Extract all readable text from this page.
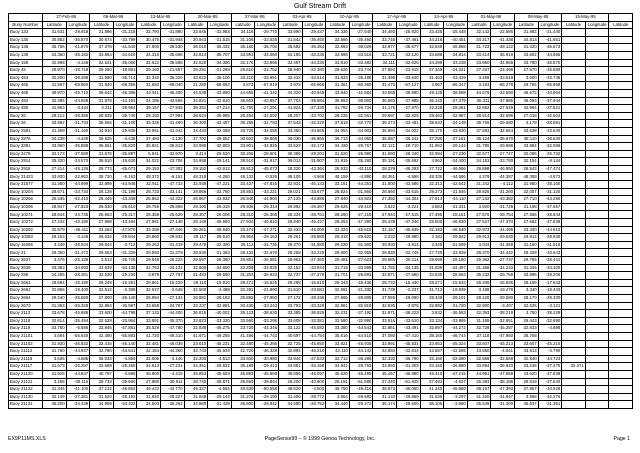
Gulf Stream Drift
	27-Feb-95		06-Mar-95		13-Mar-95		20-Mar-95		27-Mar-95		03-Apr-95		10-Apr-95		17-Apr-95		24-Apr-95		01-May-95		08-May-95		15-May-95		
Buoy Number	Latitude	Longitude	Latitude	Longitude	Latitude	Longitude	Latitude	Longitude	Latitude	Longitude	Latitude	Longitude	Latitude	Longitude	Latitude	Longitude	Latitude	Longitude	Latitude	Longitude	Latitude	Longitude	Latitude	Longitude	Latitude
Buoy 133	31.631	-29.918	31.896	-31.218	32.790	-31.890	33.945	-33.963	34.116	-29.770	33.990	-29.437	34.336	-27.540	34.460	-25.920	33.425	-25.448	32.142	-22.586	31.882	-21.440			
Buoy 135	30.852	-35.870	30.674	-33.799	30.475	-31.948	30.943	-31.515	31.108	-33.028	31.542	-35.460	33.566	-35.460	33.745	-37.461	34.216	-40.451	34.217	-41.438	34.813	-41.651			
Buoy 138	35.756	-41.870	37.376	-41.540	37.900	-39.530	36.015	-36.432	35.160	-35.792	35.682	-36.354	32.893	-38.029	32.977	-38.677	32.949	-36.868	31.722	-38.122	31.320	-35.673			
Buoy 139	34.360	-35.182	33.864	-34.620	34.316	-35.666	34.814	-35.707	33.991	-34.060	34.185	-32.235	33.998	-33.516	33.721	-33.120	33.688	-34.814	33.414	-35.919	33.602	-34.665			
Buoy 158	32.998	-4.146	32.541	-36.060	32.622	-35.588	32.620	-34.380	32.176	-33.895	32.497	-34.330	33.810	-33.482	34.111	-32.626	34.299	-33.238	33.960	-34.965	33.780	-35.570			
Buoy 45	29.970	-18.718	29.260	-19.891	29.160	-21.557	29.291	-21.268	29.610	-22.752	28.940	-22.380	28.626	-23.744	27.894	-23.915	27.349	-24.321	27.337	-24.496	27.570	-25.590			
Buoy 464	32.200	-39.289	31.590	-36.714	32.332	-36.320	33.622	-36.100	33.210	-33.981	32.432	-33.514	31.833	-35.188	31.496	-33.640	31.453	-33.429	3.455	-33.619	3.500	-33.746			
Buoy 465	31.587	-69.960	31.940	-69.355	31.693	-69.040	31.280	-68.884	3.873	-67.919	3.973	-65.966	31.381	-66.360	31.470	-67.127	3.967	-66.347	3.163	-65.278	29.765	-65.859			
Buoy 468	39.970	-46.710	39.642	-45.386	42.911	-46.400	44.538	-43.890	44.656	-41.342	44.320	-40.949	43.840	-41.684	43.566	-38.990	48.125	-38.588	44.576	-33.590	45.572	-33.964			
Buoy 484	32.395	-44.849	31.878	-44.163	34.186	-42.566	34.831	-42.810	36.603	-43.857	37.703	-39.684	35.993	-38.900	36.583	-37.988	36.140	-37.379	36.311	-37.885	36.093	-37.944			
Buoy 485	41.863	-3.434	4.211	-28.964	39.157	-27.945	38.251	-27.214	41.750	-27.291	41.824	-27.330	41.782	-26.734	41.175	-27.870	42.228	-28.461	42.652	-27.629	42.994	-27.521			
Buoy 26	29.212	-39.356	28.825	-39.740	28.150	-37.984	28.624	-35.985	28.464	-34.592	28.207	-33.702	28.226	-32.561	29.697	-32.829	29.462	-32.887	28.514	-32.698	27.018	-32.604			
Buoy 26	33.992	-31.733	36.565	-31.100	35.325	-31.460	36.300	-32.497	36.295	-32.793	37.543	-32.320	37.818	-32.770	38.274	-33.491	39.633	-34.148	39.769	-29.680	4.178	-28.591			
Buoy 2581	31.469	-31.160	34.910	-29.935	33.551	-31.342	34.434	-32.058	33.725	-34.058	33.360	-33.565	34.054	-34.903	36.994	-34.022	38.170	-33.630	37.593	-32.664	33.638	-33.640			
Buoy 2876	34.238	-4.430	35.525	-4.436	37.484	-1.130	37.702	-39.852	30.602	-38.868	36.030	-36.866	36.713	-34.950	35.587	-36.242	37.290	-37.161	38.124	-36.670	38.110	-36.630			
Buoy 3381	33.960	-36.888	36.561	-35.820	35.821	-35.813	33.990	-32.803	33.801	-34.826	33.523	-32.173	34.420	-29.767	32.121	-29.710	31.962	-29.144	31.795	-29.688	33.884	-32.086			
Buoy 3478	32.173	-37.580	31.675	-35.897	5.941	-32.970	3.414	-29.620	30.256	-28.601	30.389	-29.201	31.520	-26.990	31.690	-28.340	32.994	-27.230	32.677	-27.727	32.096	-25.732			
Buoy 2914	35.320	-24.570	35.910	-19.630	34.022	-23.706	34.958	-29.141	38.510	-31.917	39.013	-31.907	31.915	-35.280	35.191	-35.692	4.962	-34.400	34.153	-33.780	32.154	-8.134			
Buoy 2918	27.414	-45.126	28.773	-45.073	29.153	-47.302	29.152	-43.913	28.813	-45.073	28.320	-43.364	28.533	-43.110	28.229	-46.293	27.722	-46.596	28.898	-46.950	28.543	-47.474			
Buoy 31423	33.930	-22.862	38.720	-6.163	48.372	-6.151	48.318	-4.260	48.132	-0.526	48.105	-4.566	48.159	-4.890	48.361	-4.568	48.336	-44.586	4.379	-44.387	48.359	-4.572			
Buoy 31577	31.350	-44.999	32.899	-44.948	32.911	-47.733	32.939	-47.221	33.437	-47.816	32.931	-46.133	33.161	-44.351	31.800	-43.586	32.312	-42.642	31.342	-4.112	31.950	-38.150			
Buoy 10204	28.671	-33.734	28.128	-31.198	28.733	-33.141	28.866	-32.760	28.853	-33.221	29.021	-33.677	28.824	-31.560	28.660	-33.615	29.273	-31.846	29.826	-31.260	32.007	-31.120			
Buoy 10266	26.335	-42.410	26.445	-43.339	26.852	-44.322	26.967	-43.932	26.946	-44.900	27.129	-43.886	27.840	-43.923	27.392	-44.304	27.514	-44.110	27.232	-43.382	27.710	-43.290			
Buoy 10295	28.947	-27.823	29.830	-28.610	28.756	-28.858	29.100	-29.319	29.936	-29.314	29.892	-29.367	29.625	-29.410	3.622	-3.221	3.882	-31.331	3.920	-31.725	31.198	-37.657			
Buoy 10271	28.644	-24.735	28.663	-25.317	28.368	-25.626	28.307	-26.006	28.310	-26.368	28.334	-26.761	28.260	-27.218	27.944	-27.515	27.495	-28.161	27.675	-28.754	27.565	-28.843			
Buoy 10272	27.232	-43.180	27.998	-43.484	27.981	-27.148	28.148	-46.650	27.934	-46.810	28.840	-46.427	28.263	-47.390	28.438	-47.346	28.600	-46.920	27.527	-47.370	27.662	-47.838			
Buoy 10282	32.579	-46.411	33.283	-47.870	33.259	-47.446	36.261	-48.640	33.474	-47.271	32.433	-46.009	32.324	-45.615	32.157	-45.839	32.182	-46.540	32.972	-44.495	33.330	-44.610			
Buoy 10283	28.163	-3.148	28.632	-29.844	28.860	-28.932	29.117	-29.510	28.904	-29.163	29.261	-29.880	29.318	-29.620	3.232	-29.880	3.181	-29.842	29.913	-29.530	29.812	-29.930			
Buoy 16286	3.249	-28.934	29.844	-3.712	29.263	-31.419	29.478	-32.300	29.112	-31.735	29.370	-31.580	29.220	-31.500	29.930	-3.814	3.345	-31.599	3.043	-31.369	31.160	-31.518			
Buoy 21	29.350	-31.472	29.553	-31.329	29.593	-31.379	28.930	-31.393	28.133	-32.670	28.268	-33.229	29.600	-32.955	29.830	-32.745	27.730	-33.828	28.370	-34.442	28.428	-33.943			
Buoy 2637	3.476	-25.139	3.513	-25.726	29.648	-26.223	29.597	-26.360	29.851	-26.581	29.962	-27.360	29.481	-27.623	29.685	-28.114	29.699	-28.180	29.362	-27.737	29.755	-28.441			
Buoy 2639	33.383	-34.693	33.629	-34.138	32.763	-34.131	32.669	-34.650	32.209	-34.925	32.162	-33.944	31.719	-33.598	31.782	-34.135	31.939	-34.497	31.368	-34.233	31.345	-34.100			
Buoy 296	34.255	-28.281	32.530	-29.230	3.879	-27.767	31.483	-28.580	31.263	-26.923	32.737	-27.276	31.701	-29.693	32.871	-27.690	34.530	-28.663	36.232	-29.759	33.896	-29.206			
Buoy 2661	29.694	-15.190	29.249	-15.291	28.861	-15.220	29.110	-15.810	29.471	-15.525	29.288	-15.610	29.343	-15.436	28.733	-15.430	28.271	-15.533	28.206	-16.935	28.189	-17.643			
Buoy 2662	32.866	-19.400	32.512	-2.395	32.637	-2.648	32.500	-2.488	32.281	-21.990	31.510	-23.581	32.591	-21.330	31.739	-2.237	31.713	-19.939	3.188	-19.478	3.340	-19.443			
Buoy 2664	29.240	-25.660	27.800	-26.140	26.994	-27.134	26.881	-28.153	26.852	-27.950	27.172	-28.436	27.695	-28.605	27.955	-29.090	28.349	-29.101	28.120	-29.580	28.170	-29.330			
Buoy 2673	31.353	-36.328	32.894	-36.587	33.668	-34.797	33.237	-32.881	33.436	-33.243	33.793	-33.329	32.981	-32.819	32.535	-3.875	32.892	-31.720	32.900	-3.407	32.526	-3.121			
Buoy 2112	33.678	-46.888	33.600	-44.798	37.133	-44.400	36.815	-40.002	35.123	-38.630	33.385	-36.829	32.231	-37.190	31.971	-38.223	3.632	-36.563	32.393	-38.219	3.750	-38.229			
Buoy 2118	32.614	-35.494	32.528	-33.964	33.591	-35.370	33.823	-33.330	33.560	-33.295	33.608	-33.381	33.580	-32.990	33.916	-33.610	33.134	-33.869	31.165	-32.651	29.443	-32.690			
Buoy 2119	33.760	-5.586	33.846	-47.851	35.529	-47.780	32.838	-46.275	33.720	-44.346	33.122	-45.582	33.380	-44.543	32.861	-43.491	32.897	-44.272	32.728	-45.287	32.833	-4.898			
Buoy 21101	4.564	-55.640	42.480	-55.883	41.720	-49.310	41.671	-49.255	41.486	-44.743	40.697	-44.754	35.616	-44.510	37.080	-47.410	38.160	-46.744	37.118	-47.960	36.758				
Buoy 21102	31.930	-46.832	32.416	-46.140	32.481	-46.036	33.610	-45.231	32.480	-45.356	32.725	-45.850	33.821	-45.935	33.991	-45.831	33.652	-45.324	33.607	-45.213	33.607	-45.210			
Buoy 21112	31.780	-44.937	42.780	-43.541	42.184	-44.360	42.743	-45.929	42.720	-46.328	42.894	-46.210	43.110	-44.142	42.850	-42.814	43.587	-42.565	43.850	-4.041	43.613	-4.790			
Buoy 21116	3.636	-4.685	35.033	-4.850	32.005	-4.146	32.200	-4.513	33.600	-30.980	33.944	-37.633	32.712	-36.286	32.330	-36.790	32.160	-32.590	32.585	-32.568	32.840	-34.723			
Buoy 21117	31.673	-26.297	32.689	-26.260	34.813	-27.231	34.351	-28.832	35.189	-29.413	34.881	-33.158	34.941	-29.763	33.850	-31.303	33.160	-36.880	33.894	-36.920	33.245	-37.475	32.371		
Buoy 21120	31.925	-44.837	45.797	-4.685	45.800	-4.415	45.853	-45.603	45.883	-45.658	45.856	-46.097	45.520	-46.495	45.457	-46.880	45.410	-47.215	44.961	-47.559	43.620	-47.838			
Buoy 21121	3.255	-39.115	28.733	-39.660	27.880	-39.511	28.740	-38.871	26.550	-39.844	26.200	-40.900	26.191	-61.689	27.240	-61.825	27.491	-4.637	26.393	-38.196	26.819	-37.640			
Buoy 21122	31.345	-41.100	37.132	-49.862	49.423	-42.770	49.327	-4.564	49.530	-50.558	48.520	-4.500	48.750	-49.416	38.873	-46.050	41.340	-46.950	38.157	-47.393	37.867	-33.528			
Buoy 21130	32.149	-27.381	31.520	-28.182	31.920	-28.327	31.848	-29.144	31.276	-29.190	31.450	-29.772	3.964	-29.690	31.133	-29.869	31.536	-3.297	31.320	-31.947	3.568	-32.276			
Buoy 21131	35.200	-34.439	34.959	-34.332	34.503	-36.262	34.880	-31.428	36.600	-28.842	34.590	-28.752	34.440	-29.272	35.174	-29.600	36.105	-3.690	35.549	-31.300	35.537	-31.361			
EX9P11MS.XLS	PageSense99 – © 1999 Genoa Technology, Inc.	Page 1
